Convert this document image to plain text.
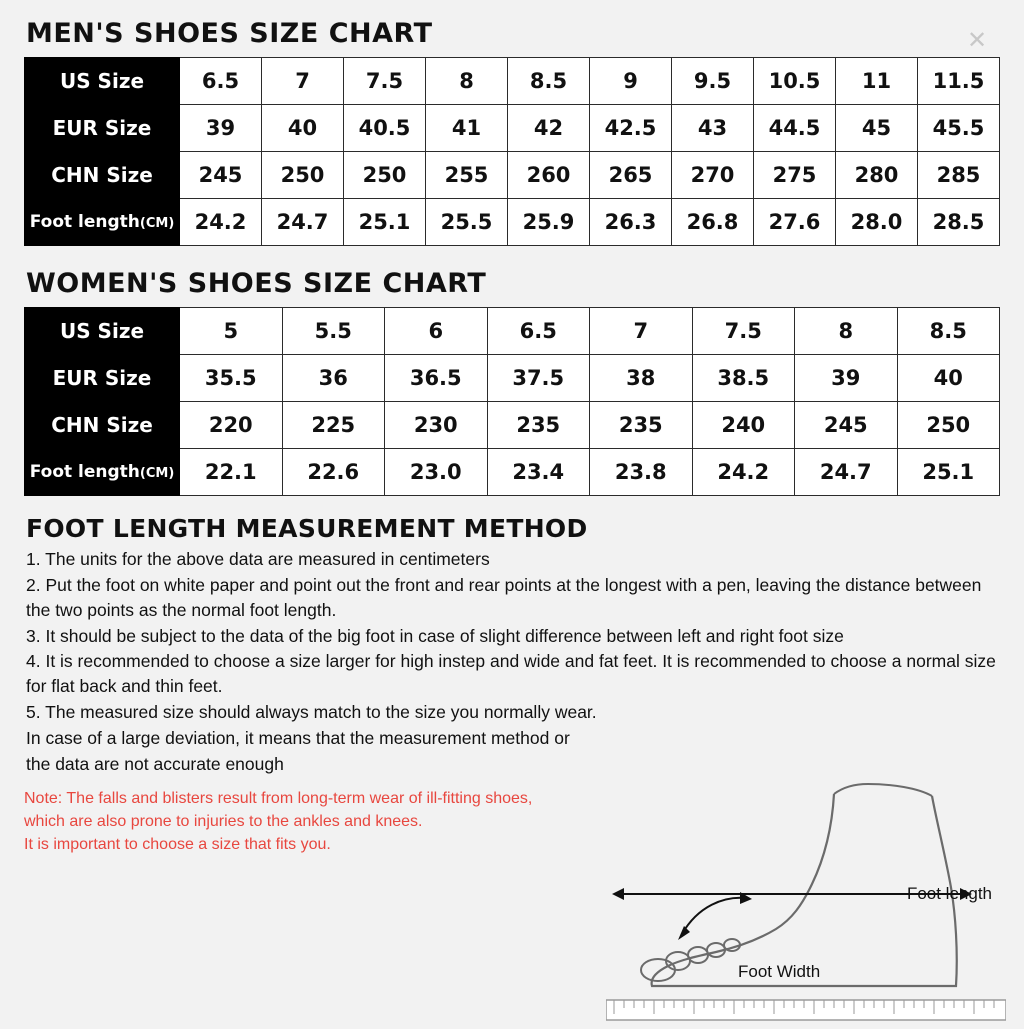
✕
MEN'S SHOES SIZE CHART
US Size	6.5	7	7.5	8	8.5	9	9.5	10.5	11	11.5
EUR Size	39	40	40.5	41	42	42.5	43	44.5	45	45.5
CHN Size	245	250	250	255	260	265	270	275	280	285
Foot length(CM)	24.2	24.7	25.1	25.5	25.9	26.3	26.8	27.6	28.0	28.5
WOMEN'S SHOES SIZE CHART
US Size	5	5.5	6	6.5	7	7.5	8	8.5
EUR Size	35.5	36	36.5	37.5	38	38.5	39	40
CHN Size	220	225	230	235	235	240	245	250
Foot length(CM)	22.1	22.6	23.0	23.4	23.8	24.2	24.7	25.1
FOOT LENGTH MEASUREMENT METHOD
1. The units for the above data are measured in centimeters
2. Put the foot on white paper and point out the front and rear points at the longest with a pen, leaving the distance between the two points as the normal foot length.
3. It should be subject to the data of the big foot in case of slight difference between left and right foot size
4. It is recommended to choose a size larger for high instep and wide and fat feet. It is recommended to choose a normal size for flat back and thin feet.
5. The measured size should always match to the size you normally wear.
In case of a large deviation, it means that the measurement method or
the data are not accurate enough
Note: The falls and blisters result from long-term wear of ill-fitting shoes,
which are also prone to injuries to the ankles and knees.
It is important to choose a size that fits you.
Foot length
Foot Width
